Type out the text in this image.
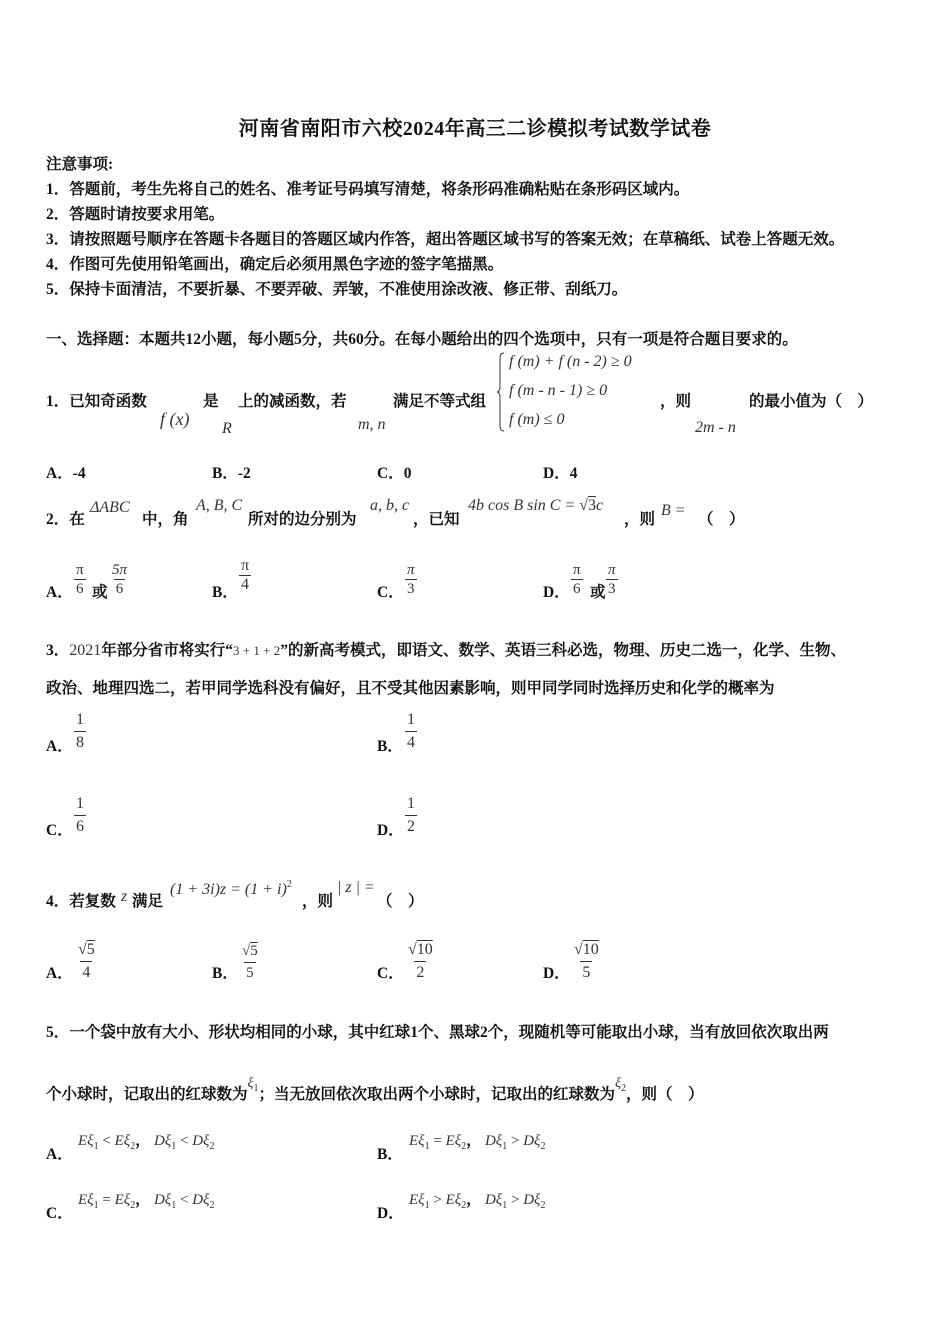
河南省南阳市六校2024年高三二诊模拟考试数学试卷
注意事项:
1．答题前，考生先将自己的姓名、准考证号码填写清楚，将条形码准确粘贴在条形码区域内。
2．答题时请按要求用笔。
3．请按照题号顺序在答题卡各题目的答题区域内作答，超出答题区域书写的答案无效；在草稿纸、试卷上答题无效。
4．作图可先使用铅笔画出，确定后必须用黑色字迹的签字笔描黑。
5．保持卡面清洁，不要折暴、不要弄破、弄皱，不准使用涂改液、修正带、刮纸刀。
一、选择题：本题共12小题，每小题5分，共60分。在每小题给出的四个选项中，只有一项是符合题目要求的。
1．已知奇函数	是 上的减函数，若	满足不等式组	，则	的最小值为（　）
f (x) R	m, n
f (m) + f (n - 2) ≥ 0
f (m - n - 1) ≥ 0
f (m) ≤ 0	2m - n
A．-4	B．-2	C．0	D．4
2．在
ΔABC
中，角
A, B, C
所对的边分别为
a, b, c
，已知
4b cos B sin C = √3c
，则
B =
（　）
A． $\frac{\pi}{6}$ 或 $\frac{5\pi}{6}$	B． $\frac{\pi}{4}$	C． $\frac{\pi}{3}$	D． $\frac{\pi}{6}$ 或 $\frac{\pi}{3}$
3．2021年部分省市将实行“3 + 1 + 2”的新高考模式，即语文、数学、英语三科必选，物理、历史二选一，化学、生物、
政治、地理四选二，若甲同学选科没有偏好，且不受其他因素影响，则甲同学同时选择历史和化学的概率为
A． $\frac{1}{8}$	B． $\frac{1}{4}$
C． $\frac{1}{6}$	D． $\frac{1}{2}$
4．若复数 z 满足
$(1 + 3i)z = (1 + i)^2$
，则
| z | =
（　）
A． $\frac{√5}{4}$	B． $\frac{√5}{5}$	C． $\frac{√10}{2}$	D． $\frac{√10}{5}$
5．一个袋中放有大小、形状均相同的小球，其中红球1个、黑球2个，现随机等可能取出小球，当有放回依次取出两
个小球时，记取出的红球数为$\xi_1$；当无放回依次取出两个小球时，记取出的红球数为$\xi_2$，则（　）
A．
$E\xi_1 < E\xi_2$， $D\xi_1 < D\xi_2$	B．
$E\xi_1 = E\xi_2$， $D\xi_1 > D\xi_2$
C．
$E\xi_1 = E\xi_2$， $D\xi_1 < D\xi_2$	D．
$E\xi_1 > E\xi_2$， $D\xi_1 > D\xi_2$
